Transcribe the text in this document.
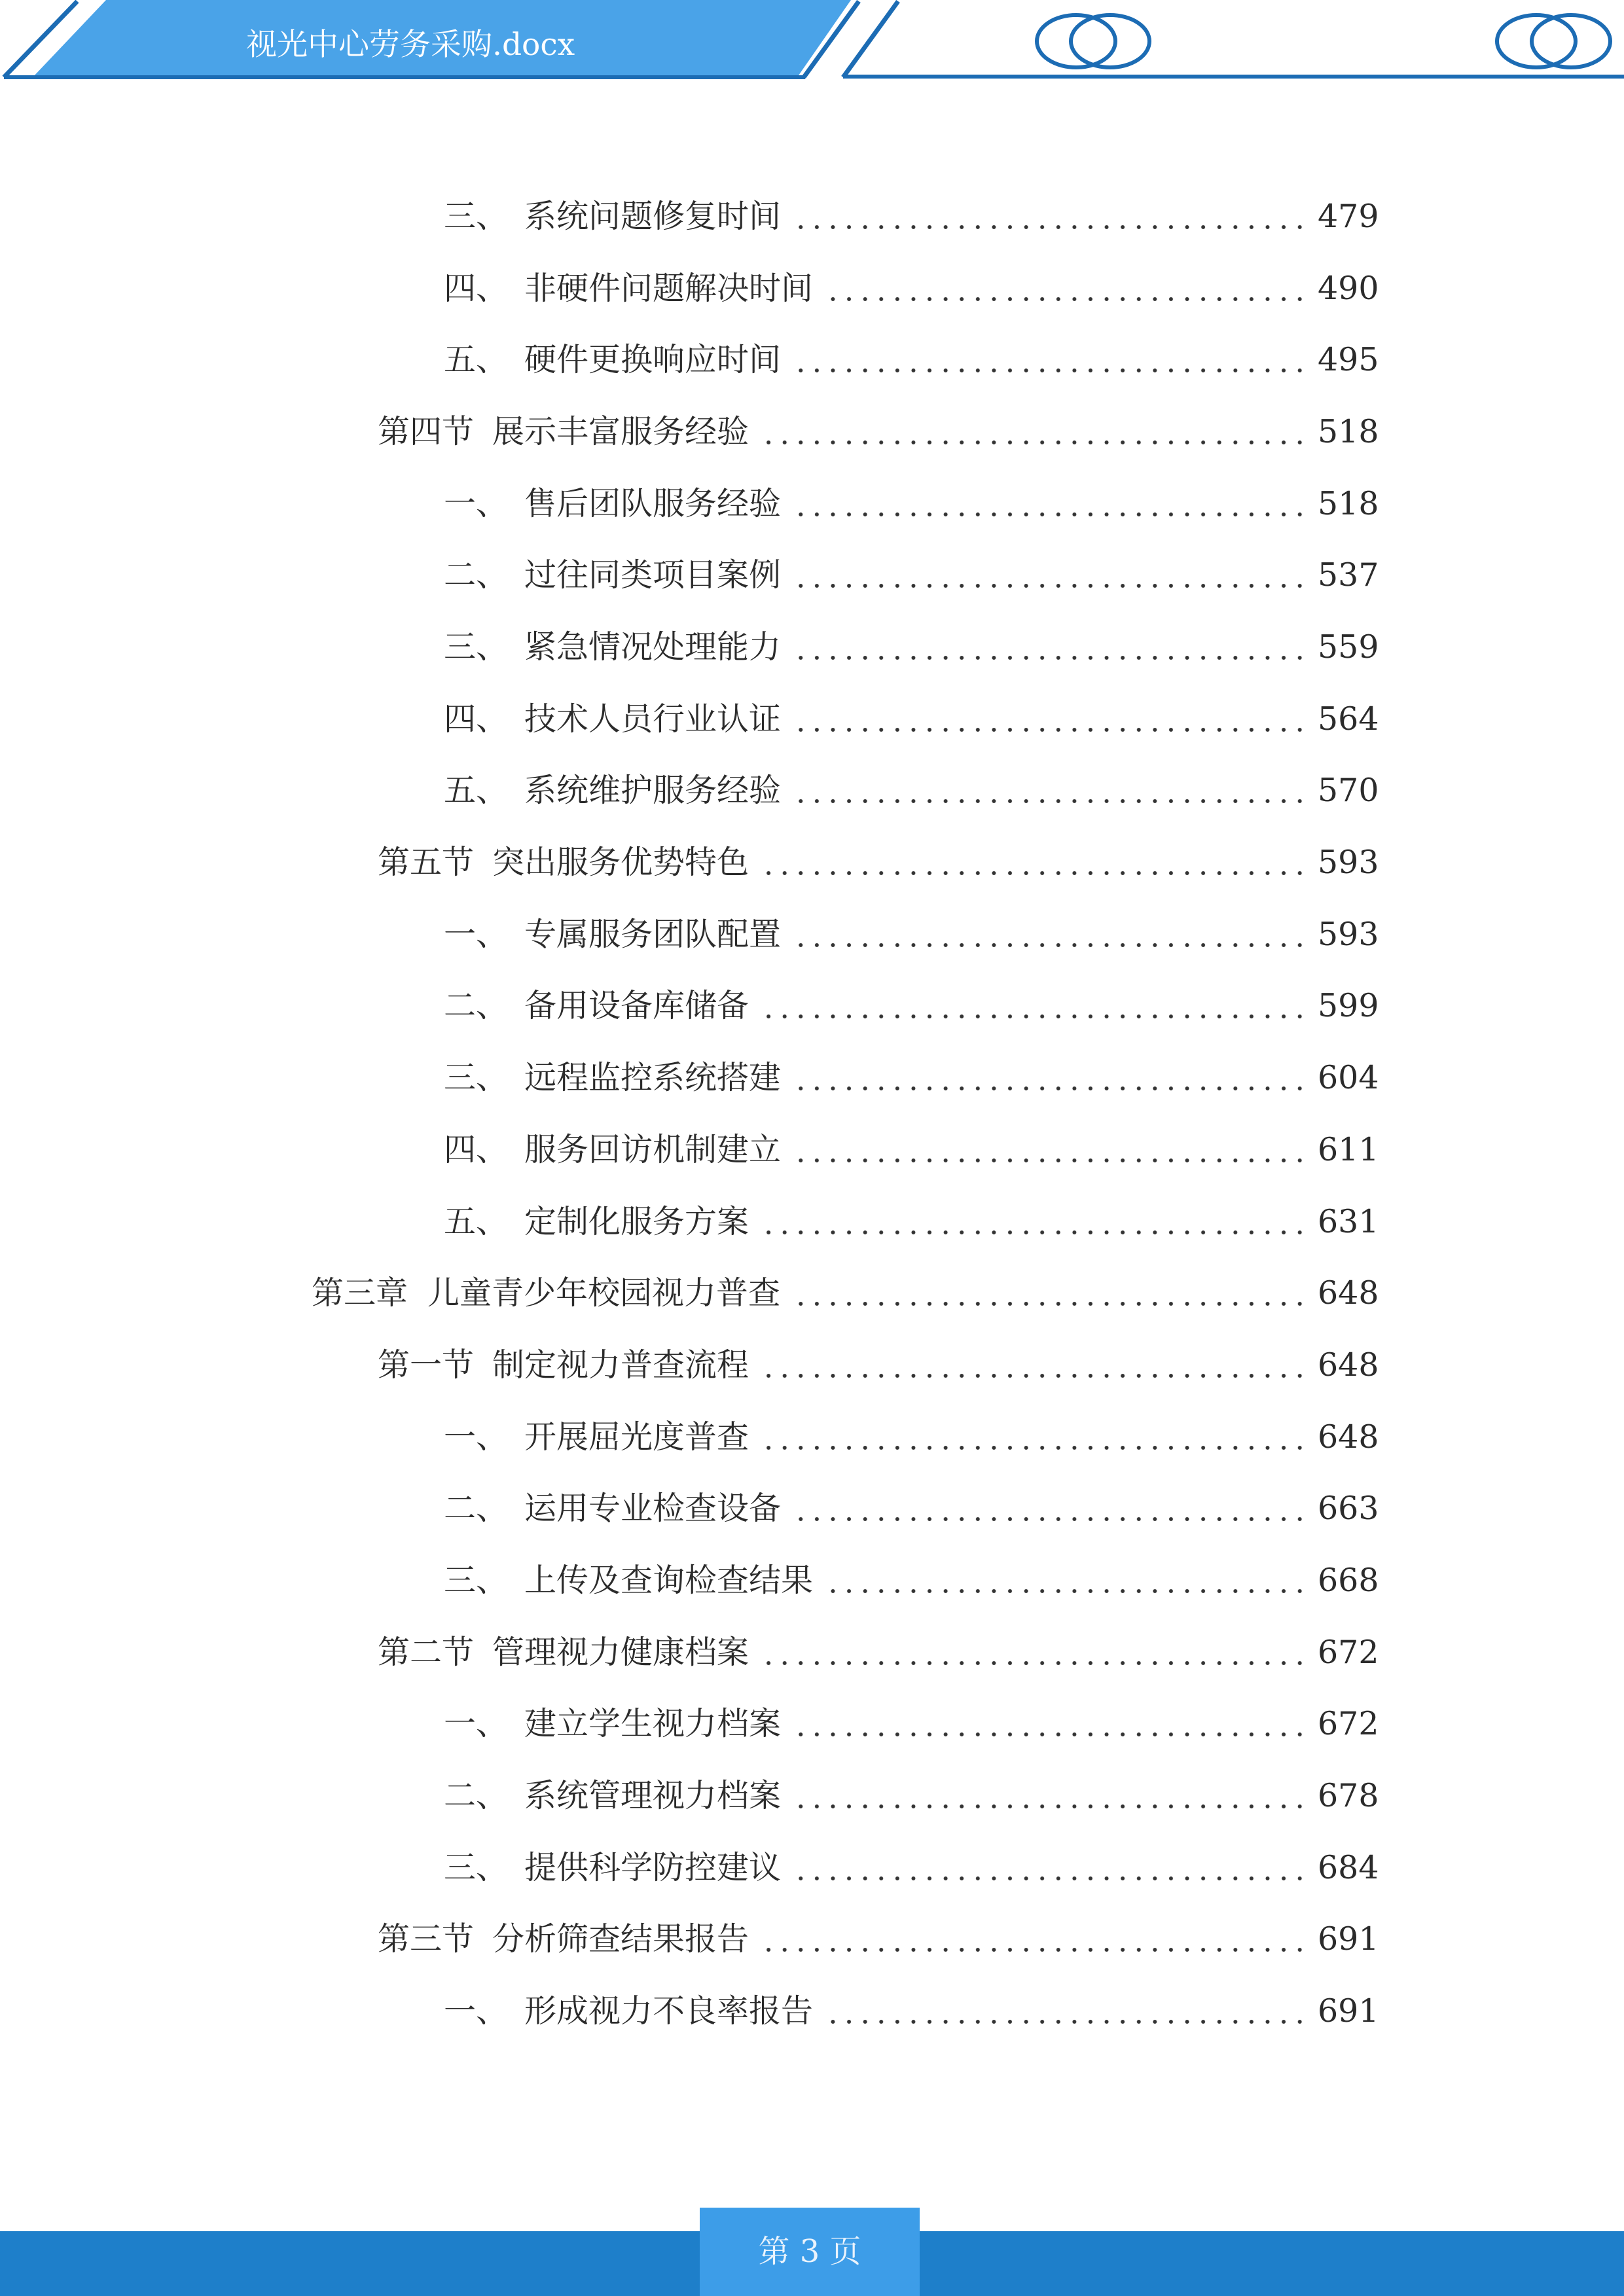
视光中心劳务采购.docx
三、 系统问题修复时间	479
四、 非硬件问题解决时间	490
五、 硬件更换响应时间	495
第四节 展示丰富服务经验	518
一、 售后团队服务经验	518
二、 过往同类项目案例	537
三、 紧急情况处理能力	559
四、 技术人员行业认证	564
五、 系统维护服务经验	570
第五节 突出服务优势特色	593
一、 专属服务团队配置	593
二、 备用设备库储备	599
三、 远程监控系统搭建	604
四、 服务回访机制建立	611
五、 定制化服务方案	631
第三章 儿童青少年校园视力普查	648
第一节 制定视力普查流程	648
一、 开展屈光度普查	648
二、 运用专业检查设备	663
三、 上传及查询检查结果	668
第二节 管理视力健康档案	672
一、 建立学生视力档案	672
二、 系统管理视力档案	678
三、 提供科学防控建议	684
第三节 分析筛查结果报告	691
一、 形成视力不良率报告	691
第 3 页
